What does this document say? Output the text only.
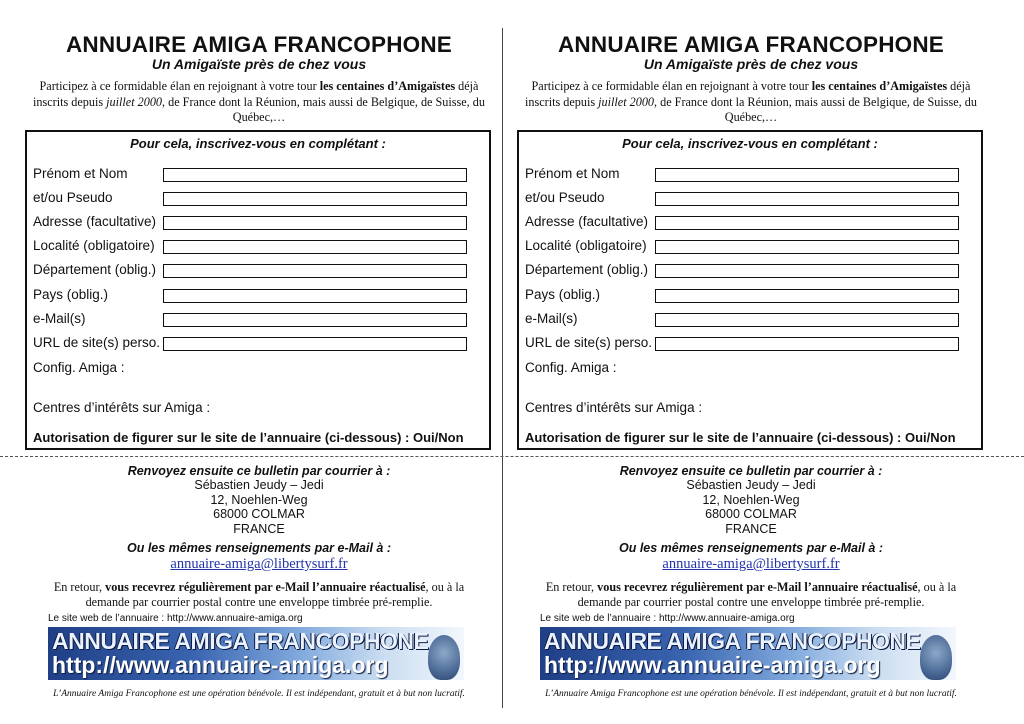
ANNUAIRE AMIGA FRANCOPHONE
Un Amigaïste près de chez vous
Participez à ce formidable élan en rejoignant à votre tour les centaines d’Amigaïstes déjà inscrits depuis juillet 2000, de France dont la Réunion, mais aussi de Belgique, de Suisse, du Québec,…
Pour cela, inscrivez-vous en complétant :
Prénom et Nom
et/ou Pseudo
Adresse (facultative)
Localité (obligatoire)
Département (oblig.)
Pays (oblig.)
e-Mail(s)
URL de site(s) perso.
Config. Amiga :
Centres d’intérêts sur Amiga :
Autorisation de figurer sur le site de l’annuaire (ci-dessous) : Oui/Non
Renvoyez ensuite ce bulletin par courrier à :
Sébastien Jeudy – Jedi
12, Noehlen-Weg
68000 COLMAR
FRANCE
Ou les mêmes renseignements par e-Mail à :
annuaire-amiga@libertysurf.fr
En retour, vous recevrez régulièrement par e-Mail l’annuaire réactualisé, ou à la demande par courrier postal contre une enveloppe timbrée pré-remplie.
Le site web de l’annuaire : http://www.annuaire-amiga.org
ANNUAIRE AMIGA FRANCOPHONE
http://www.annuaire-amiga.org
L’Annuaire Amiga Francophone est une opération bénévole. Il est indépendant, gratuit et à but non lucratif.
ANNUAIRE AMIGA FRANCOPHONE
Un Amigaïste près de chez vous
Participez à ce formidable élan en rejoignant à votre tour les centaines d’Amigaïstes déjà inscrits depuis juillet 2000, de France dont la Réunion, mais aussi de Belgique, de Suisse, du Québec,…
Pour cela, inscrivez-vous en complétant :
Prénom et Nom
et/ou Pseudo
Adresse (facultative)
Localité (obligatoire)
Département (oblig.)
Pays (oblig.)
e-Mail(s)
URL de site(s) perso.
Config. Amiga :
Centres d’intérêts sur Amiga :
Autorisation de figurer sur le site de l’annuaire (ci-dessous) : Oui/Non
Renvoyez ensuite ce bulletin par courrier à :
Sébastien Jeudy – Jedi
12, Noehlen-Weg
68000 COLMAR
FRANCE
Ou les mêmes renseignements par e-Mail à :
annuaire-amiga@libertysurf.fr
En retour, vous recevrez régulièrement par e-Mail l’annuaire réactualisé, ou à la demande par courrier postal contre une enveloppe timbrée pré-remplie.
Le site web de l’annuaire : http://www.annuaire-amiga.org
ANNUAIRE AMIGA FRANCOPHONE
http://www.annuaire-amiga.org
L’Annuaire Amiga Francophone est une opération bénévole. Il est indépendant, gratuit et à but non lucratif.
